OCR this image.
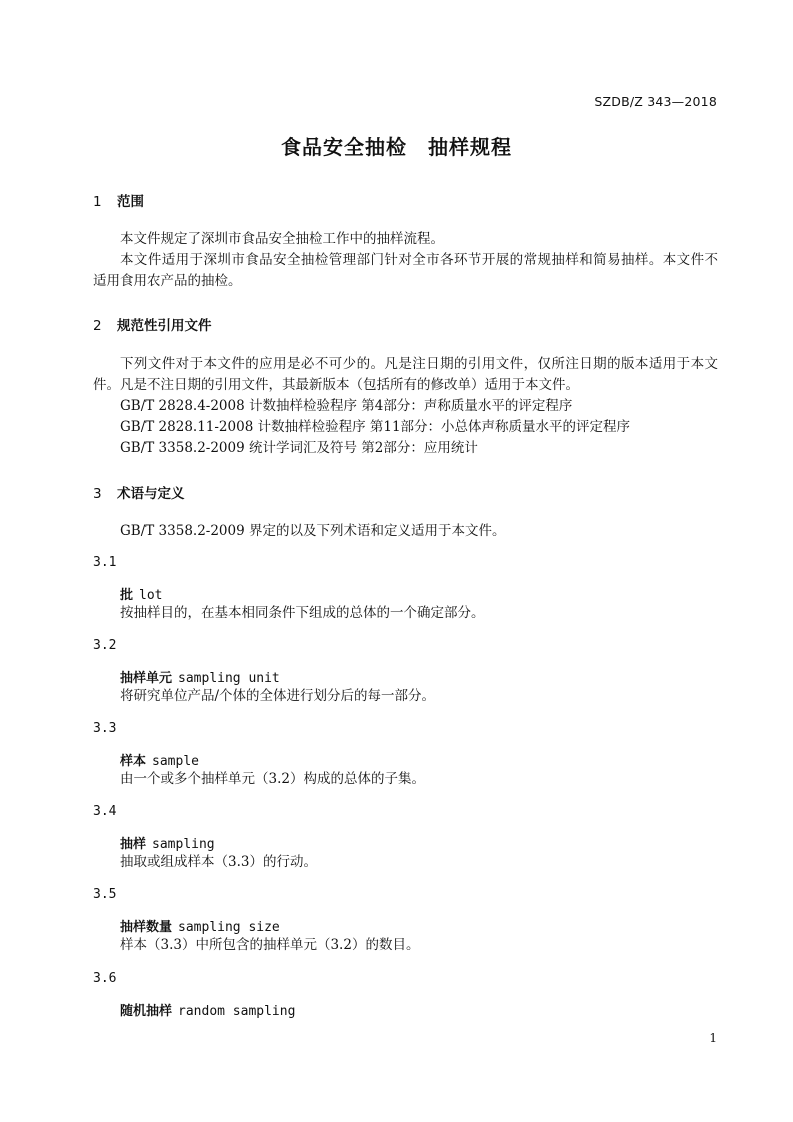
SZDB/Z 343—2018
食品安全抽检　抽样规程
1 范围
本文件规定了深圳市食品安全抽检工作中的抽样流程。
本文件适用于深圳市食品安全抽检管理部门针对全市各环节开展的常规抽样和简易抽样。本文件不
适用食用农产品的抽检。
2 规范性引用文件
下列文件对于本文件的应用是必不可少的。凡是注日期的引用文件，仅所注日期的版本适用于本文
件。凡是不注日期的引用文件，其最新版本（包括所有的修改单）适用于本文件。
GB/T 2828.4-2008 计数抽样检验程序 第4部分：声称质量水平的评定程序
GB/T 2828.11-2008 计数抽样检验程序 第11部分：小总体声称质量水平的评定程序
GB/T 3358.2-2009 统计学词汇及符号 第2部分：应用统计
3 术语与定义
GB/T 3358.2-2009 界定的以及下列术语和定义适用于本文件。
3.1
批 lot
按抽样目的，在基本相同条件下组成的总体的一个确定部分。
3.2
抽样单元 sampling unit
将研究单位产品/个体的全体进行划分后的每一部分。
3.3
样本 sample
由一个或多个抽样单元（3.2）构成的总体的子集。
3.4
抽样 sampling
抽取或组成样本（3.3）的行动。
3.5
抽样数量 sampling size
样本（3.3）中所包含的抽样单元（3.2）的数目。
3.6
随机抽样 random sampling
1
